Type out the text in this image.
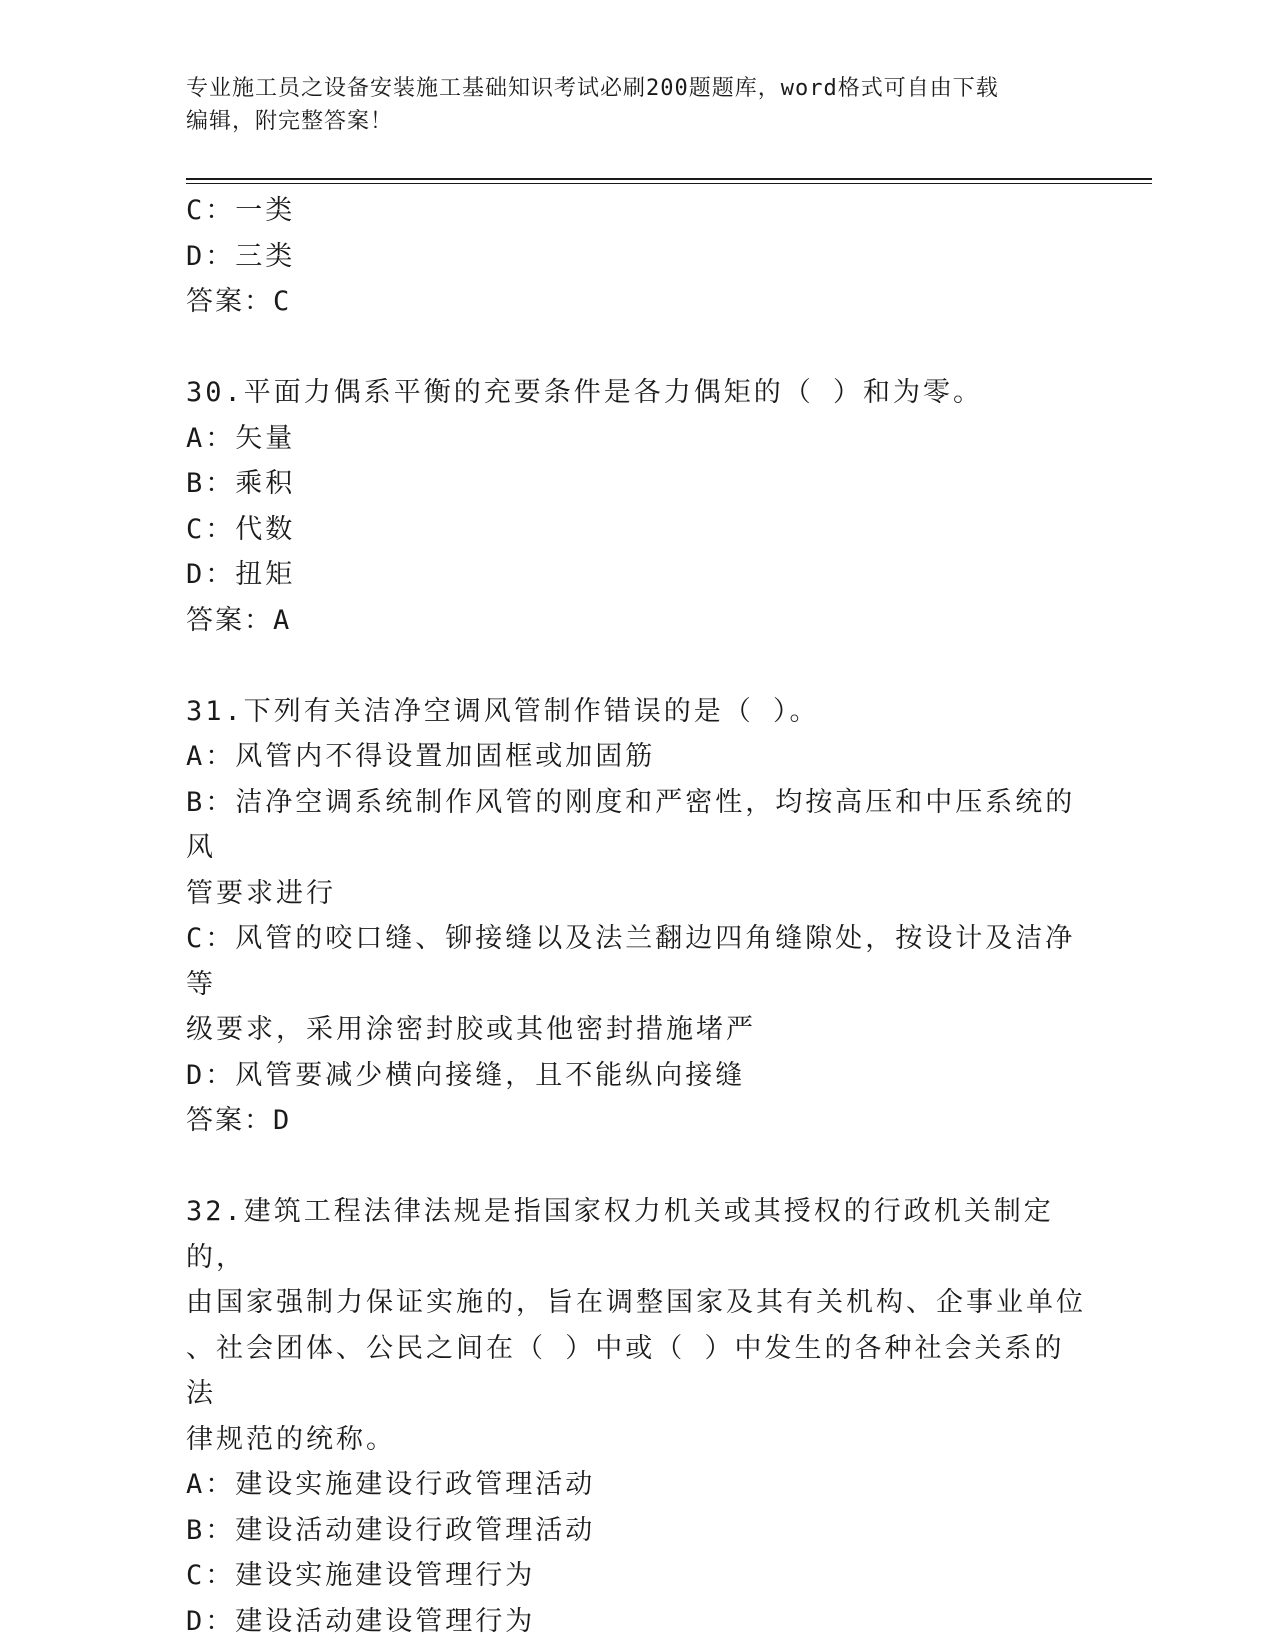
专业施工员之设备安装施工基础知识考试必刷200题题库，word格式可自由下载
编辑，附完整答案！
C：一类
D：三类
答案：C
30.平面力偶系平衡的充要条件是各力偶矩的（ ）和为零。
A：矢量
B：乘积
C：代数
D：扭矩
答案：A
31.下列有关洁净空调风管制作错误的是（ ）。
A：风管内不得设置加固框或加固筋
B：洁净空调系统制作风管的刚度和严密性，均按高压和中压系统的风
管要求进行
C：风管的咬口缝、铆接缝以及法兰翻边四角缝隙处，按设计及洁净等
级要求，采用涂密封胶或其他密封措施堵严
D：风管要减少横向接缝，且不能纵向接缝
答案：D
32.建筑工程法律法规是指国家权力机关或其授权的行政机关制定的，
由国家强制力保证实施的，旨在调整国家及其有关机构、企事业单位
、社会团体、公民之间在（ ）中或（ ）中发生的各种社会关系的法
律规范的统称。
A：建设实施建设行政管理活动
B：建设活动建设行政管理活动
C：建设实施建设管理行为
D：建设活动建设管理行为
